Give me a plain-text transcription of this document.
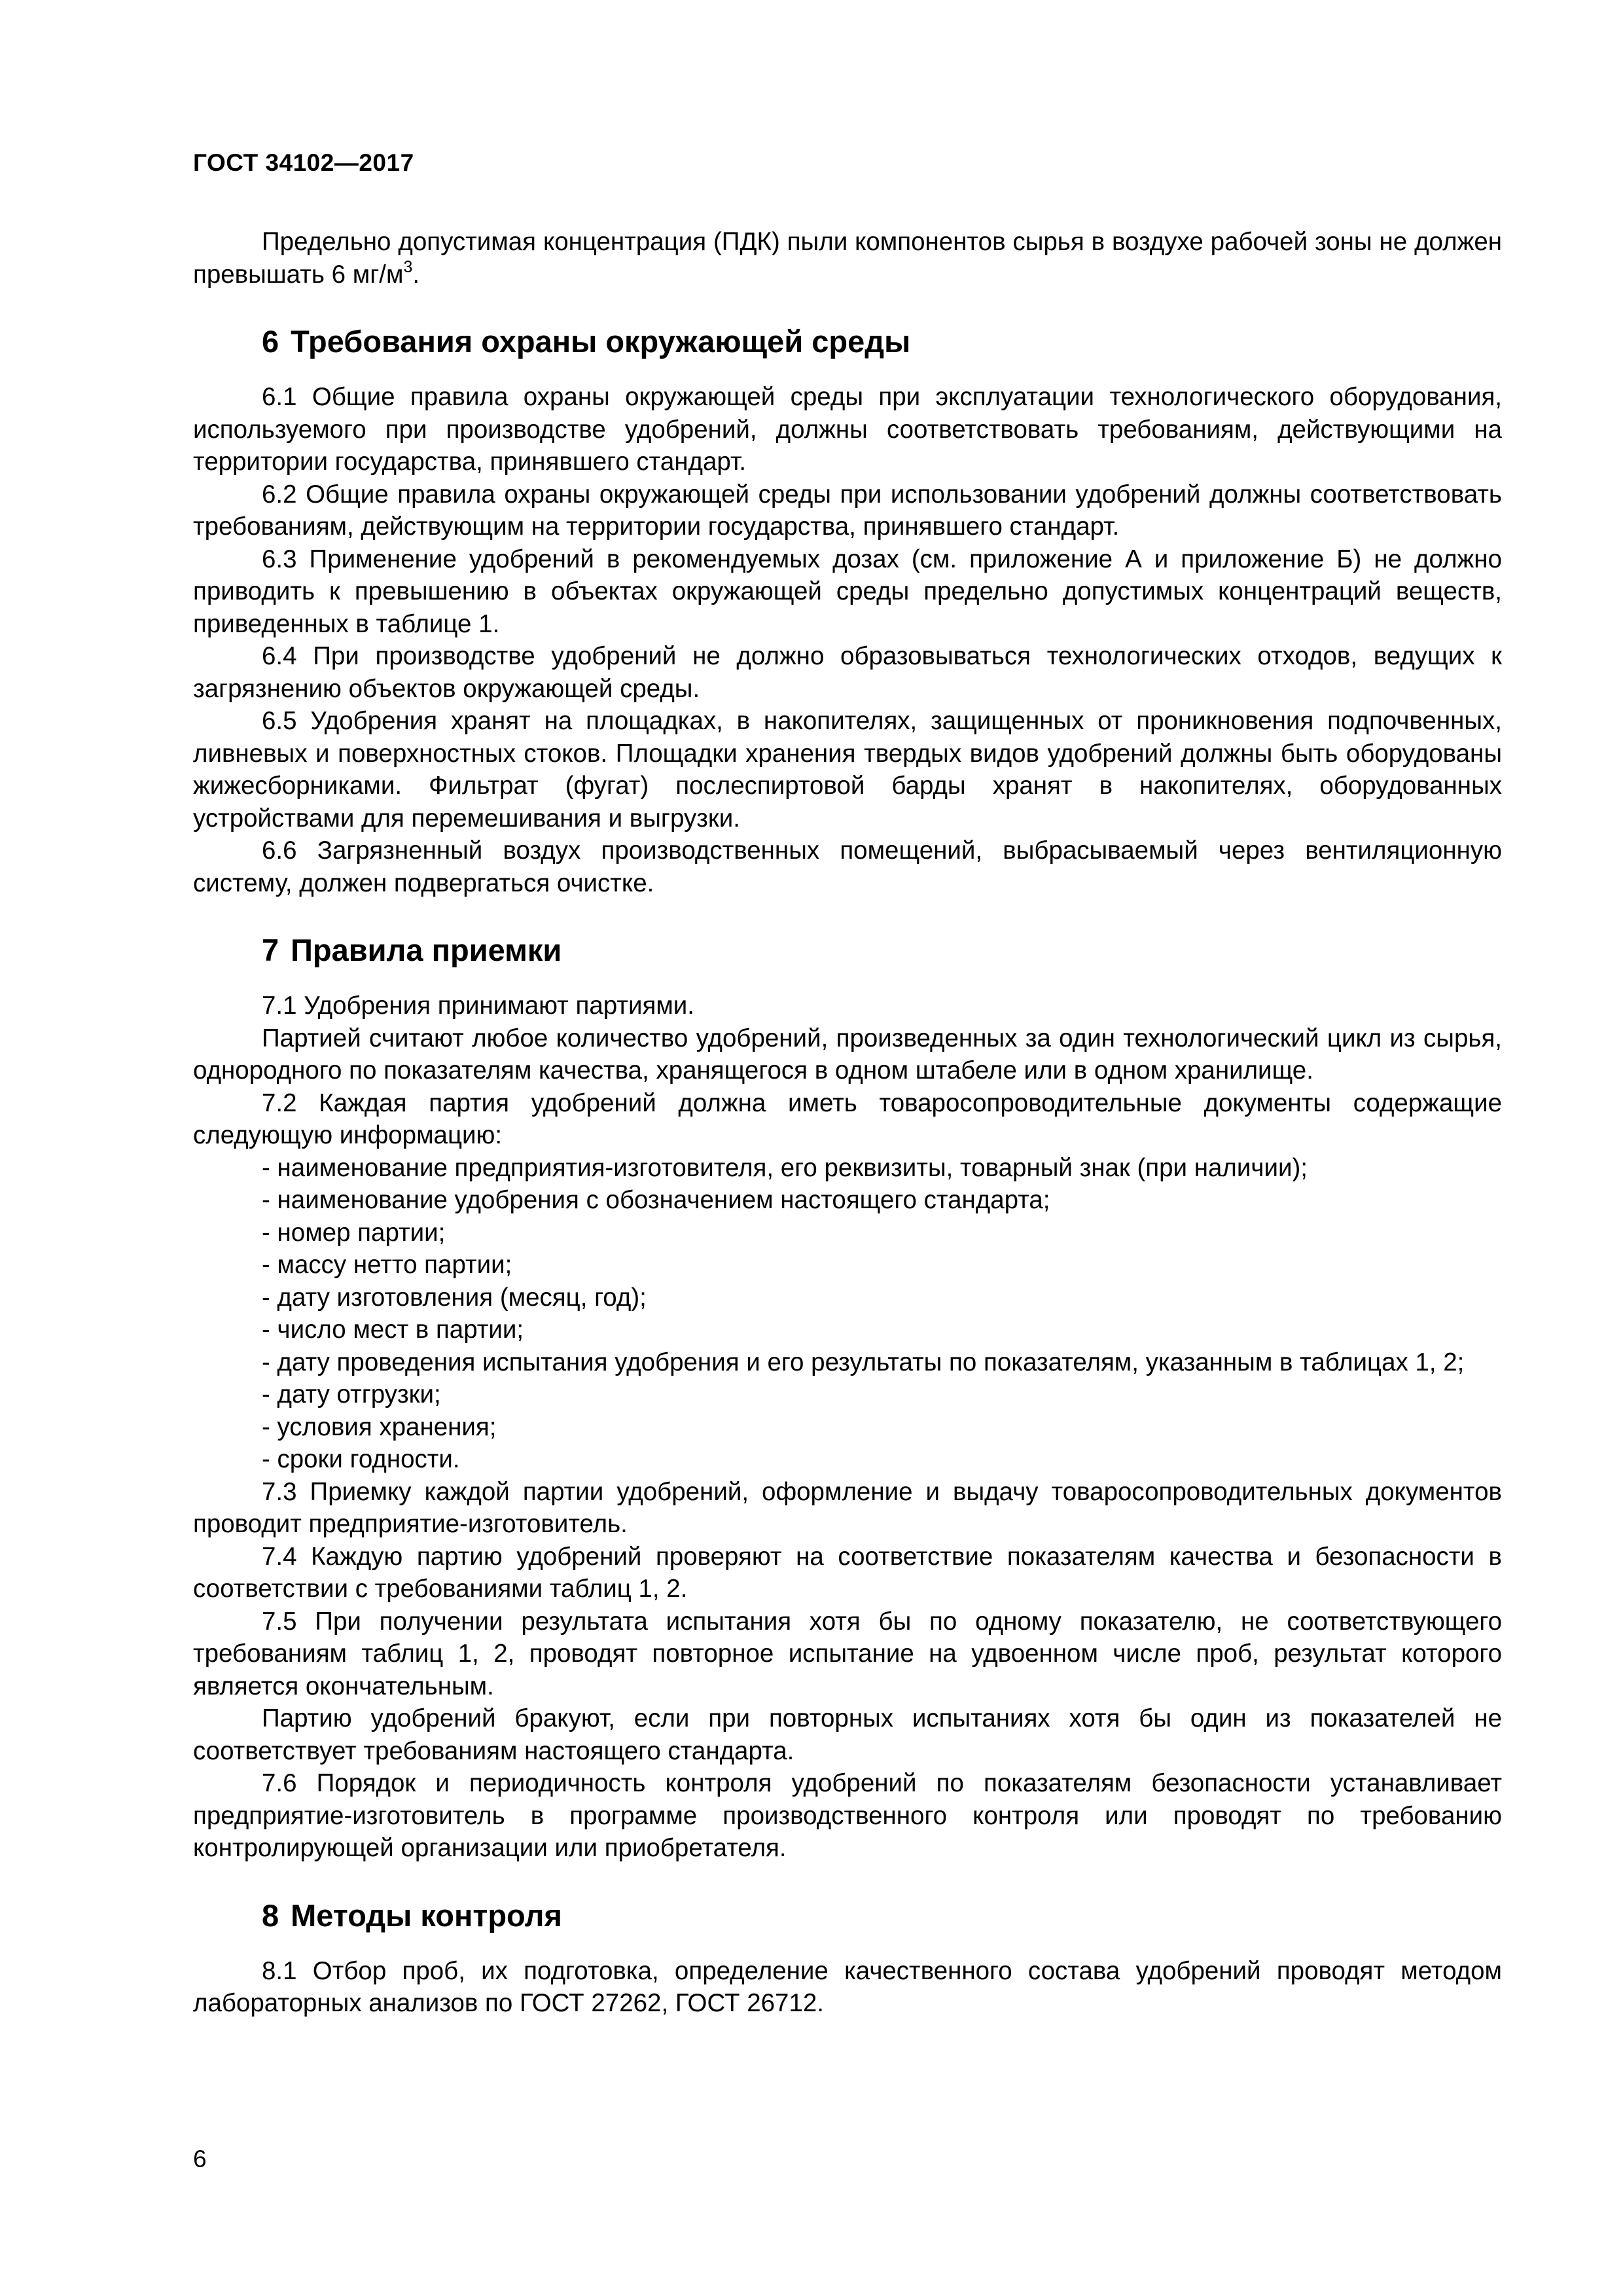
ГОСТ 34102—2017

Предельно допустимая концентрация (ПДК) пыли компонентов сырья в воздухе рабочей зоны не должен превышать 6 $мг/м^3$.

6 Требования охраны окружающей среды

6.1 Общие правила охраны окружающей среды при эксплуатации технологического оборудования, используемого при производстве удобрений, должны соответствовать требованиям, действующими на территории государства, принявшего стандарт.

6.2 Общие правила охраны окружающей среды при использовании удобрений должны соответствовать требованиям, действующим на территории государства, принявшего стандарт.

6.3 Применение удобрений в рекомендуемых дозах (см. приложение А и приложение Б) не должно приводить к превышению в объектах окружающей среды предельно допустимых концентраций веществ, приведенных в таблице 1.

6.4 При производстве удобрений не должно образовываться технологических отходов, ведущих к загрязнению объектов окружающей среды.

6.5 Удобрения хранят на площадках, в накопителях, защищенных от проникновения подпочвенных, ливневых и поверхностных стоков. Площадки хранения твердых видов удобрений должны быть оборудованы жижесборниками. Фильтрат (фугат) послеспиртовой барды хранят в накопителях, оборудованных устройствами для перемешивания и выгрузки.

6.6 Загрязненный воздух производственных помещений, выбрасываемый через вентиляционную систему, должен подвергаться очистке.

7 Правила приемки

7.1 Удобрения принимают партиями.

Партией считают любое количество удобрений, произведенных за один технологический цикл из сырья, однородного по показателям качества, хранящегося в одном штабеле или в одном хранилище.

7.2 Каждая партия удобрений должна иметь товаросопроводительные документы содержащие следующую информацию:

- наименование предприятия-изготовителя, его реквизиты, товарный знак (при наличии);

- наименование удобрения с обозначением настоящего стандарта;

- номер партии;

- массу нетто партии;

- дату изготовления (месяц, год);

- число мест в партии;

- дату проведения испытания удобрения и его результаты по показателям, указанным в таблицах 1, 2;

- дату отгрузки;

- условия хранения;

- сроки годности.

7.3 Приемку каждой партии удобрений, оформление и выдачу товаросопроводительных документов проводит предприятие-изготовитель.

7.4 Каждую партию удобрений проверяют на соответствие показателям качества и безопасности в соответствии с требованиями таблиц 1, 2.

7.5 При получении результата испытания хотя бы по одному показателю, не соответствующего требованиям таблиц 1, 2, проводят повторное испытание на удвоенном числе проб, результат которого является окончательным.

Партию удобрений бракуют, если при повторных испытаниях хотя бы один из показателей не соответствует требованиям настоящего стандарта.

7.6 Порядок и периодичность контроля удобрений по показателям безопасности устанавливает предприятие-изготовитель в программе производственного контроля или проводят по требованию контролирующей организации или приобретателя.

8 Методы контроля

8.1 Отбор проб, их подготовка, определение качественного состава удобрений проводят методом лабораторных анализов по ГОСТ 27262, ГОСТ 26712.

6
